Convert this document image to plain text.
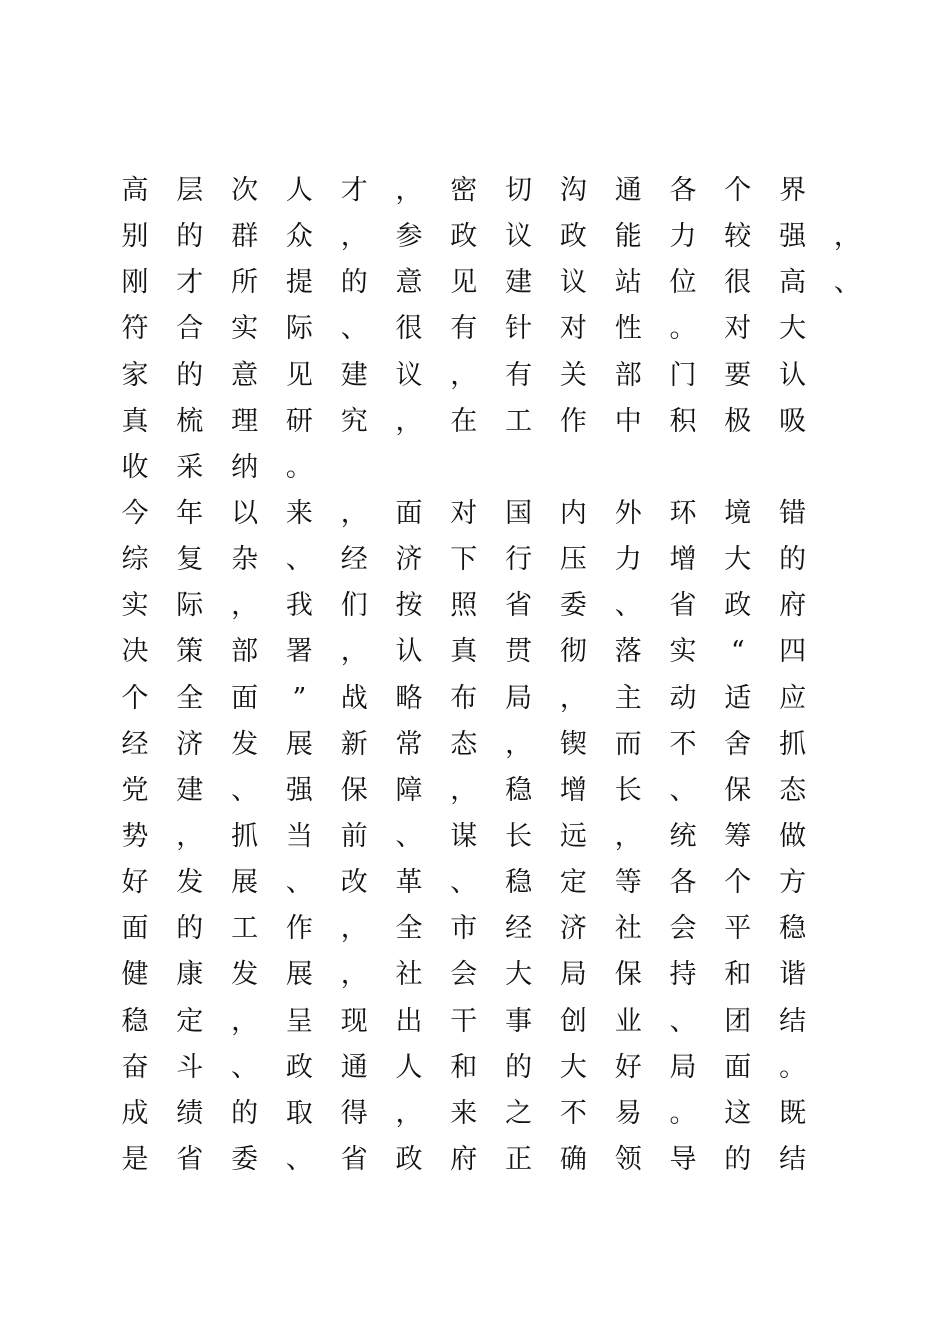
高 层 次 人 才 ， 密 切 沟 通 各 个 界
别 的 群 众 ， 参 政 议 政 能 力 较 强 ，
刚 才 所 提 的 意 见 建 议 站 位 很 高 、
符 合 实 际 、 很 有 针 对 性 。 对 大
家 的 意 见 建 议 ， 有 关 部 门 要 认
真 梳 理 研 究 ， 在 工 作 中 积 极 吸
收 采 纳 。
今 年 以 来 ， 面 对 国 内 外 环 境 错
综 复 杂 、 经 济 下 行 压 力 增 大 的
实 际 ， 我 们 按 照 省 委 、 省 政 府
决 策 部 署 ， 认 真 贯 彻 落 实 “ 四
个 全 面 ” 战 略 布 局 ， 主 动 适 应
经 济 发 展 新 常 态 ， 锲 而 不 舍 抓
党 建 、 强 保 障 ， 稳 增 长 、 保 态
势 ， 抓 当 前 、 谋 长 远 ， 统 筹 做
好 发 展 、 改 革 、 稳 定 等 各 个 方
面 的 工 作 ， 全 市 经 济 社 会 平 稳
健 康 发 展 ， 社 会 大 局 保 持 和 谐
稳 定 ， 呈 现 出 干 事 创 业 、 团 结
奋 斗 、 政 通 人 和 的 大 好 局 面 。
成 绩 的 取 得 ， 来 之 不 易 。 这 既
是 省 委 、 省 政 府 正 确 领 导 的 结
